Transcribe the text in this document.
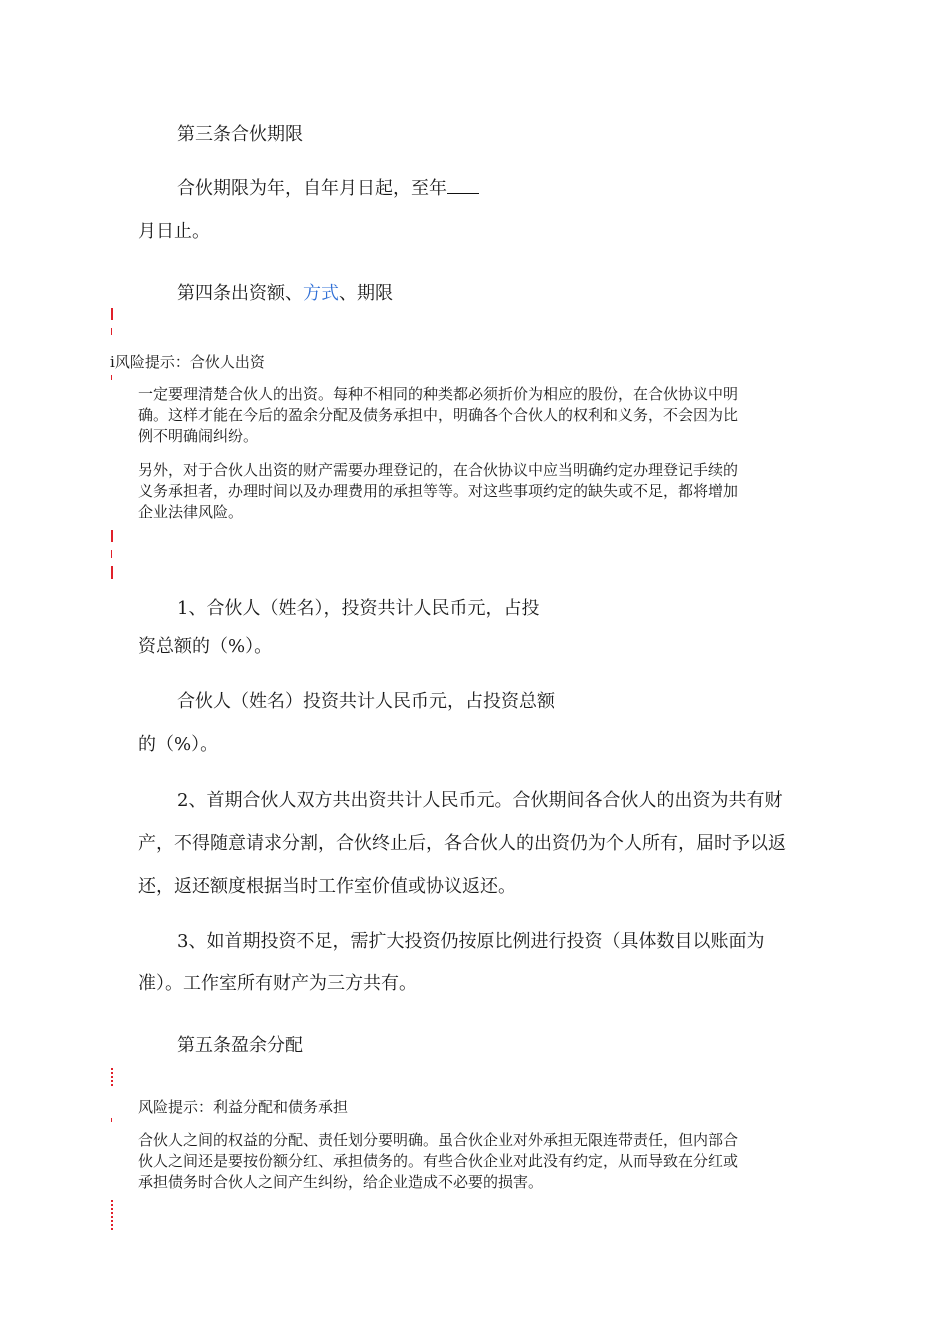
第三条合伙期限

合伙期限为年，自年月日起，至年

月日止。

第四条出资额、方式、期限

i风险提示：合伙人出资

一定要理清楚合伙人的出资。每种不相同的种类都必须折价为相应的股份，在合伙协议中明
确。这样才能在今后的盈余分配及债务承担中，明确各个合伙人的权利和义务，不会因为比
例不明确闹纠纷。
另外，对于合伙人出资的财产需要办理登记的，在合伙协议中应当明确约定办理登记手续的
义务承担者，办理时间以及办理费用的承担等等。对这些事项约定的缺失或不足，都将增加
企业法律风险。

1、合伙人（姓名），投资共计人民币元，占投

资总额的（%）。

合伙人（姓名）投资共计人民币元，占投资总额

的（%）。

2、首期合伙人双方共出资共计人民币元。合伙期间各合伙人的出资为共有财

产，不得随意请求分割，合伙终止后，各合伙人的出资仍为个人所有，届时予以返

还，返还额度根据当时工作室价值或协议返还。

3、如首期投资不足，需扩大投资仍按原比例进行投资（具体数目以账面为

准）。工作室所有财产为三方共有。

第五条盈余分配

风险提示：利益分配和债务承担

合伙人之间的权益的分配、责任划分要明确。虽合伙企业对外承担无限连带责任，但内部合
伙人之间还是要按份额分红、承担债务的。有些合伙企业对此没有约定，从而导致在分红或
承担债务时合伙人之间产生纠纷，给企业造成不必要的损害。
